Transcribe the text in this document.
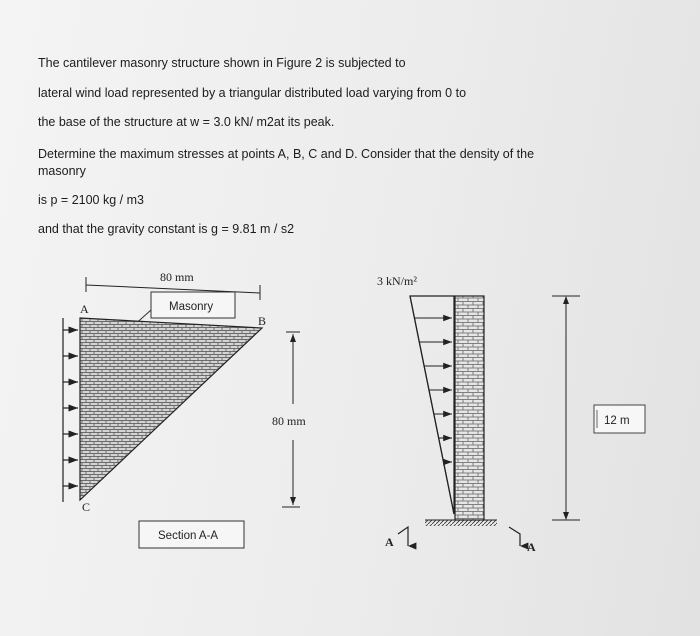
The cantilever masonry structure shown in Figure 2 is subjected to
lateral wind load represented by a triangular distributed load varying from 0 to
the base of the structure at w = 3.0 kN/ m2at its peak.
Determine the maximum stresses at points A, B, C and D. Consider that the density of the
masonry
is p = 2100 kg / m3
and that the gravity constant is g = 9.81 m / s2
80 mm
Masonry
A
B
C
80 mm
Section A-A
3 kN/m²
A	A
12 m
